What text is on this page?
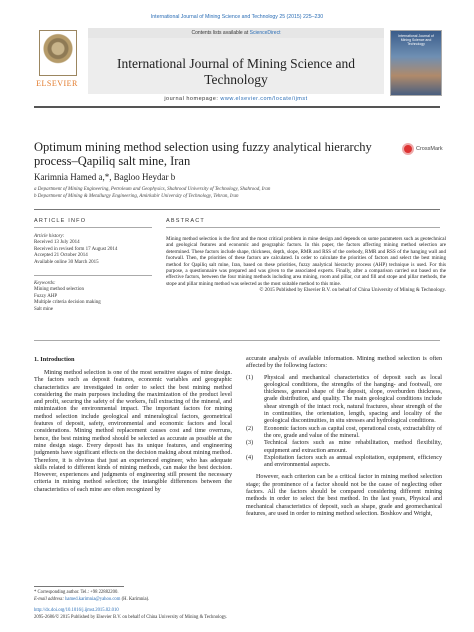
International Journal of Mining Science and Technology 25 (2015) 225–230
ELSEVIER
Contents lists available at ScienceDirect
International Journal of Mining Science and Technology
journal homepage: www.elsevier.com/locate/ijmst
International Journal of Mining Science and Technology
Optimum mining method selection using fuzzy analytical hierarchy process–Qapiliq salt mine, Iran
CrossMark
Karimnia Hamed a,*, Bagloo Heydar b
a Department of Mining Engineering, Petroleum and Geophysics, Shahrood University of Technology, Shahrood, Iran
b Department of Mining & Metallurgy Engineering, Amirkabir University of Technology, Tehran, Iran
ARTICLE INFO
Article history:
Received 13 July 2014
Received in revised form 17 August 2014
Accepted 21 October 2014
Available online 30 March 2015
Keywords:
Mining method selection
Fuzzy AHP
Multiple criteria decision making
Salt mine
ABSTRACT
Mining method selection is the first and the most critical problem in mine design and depends on some parameters such as geotechnical and geological features and economic and geographic factors. In this paper, the factors affecting mining method selection are determined. These factors include shape, thickness, depth, slope, RMR and RSS of the orebody, RMR and RSS of the hanging wall and footwall. Then, the priorities of these factors are calculated. In order to calculate the priorities of factors and select the best mining method for Qapiliq salt mine, Iran, based on these priorities, fuzzy analytical hierarchy process (AHP) technique is used. For this purpose, a questionnaire was prepared and was given to the associated experts. Finally, after a comparison carried out based on the effective factors, between the four mining methods including area mining, room and pillar, cut and fill and stope and pillar methods, the stope and pillar mining method was selected as the most suitable method to this mine.
© 2015 Published by Elsevier B.V. on behalf of China University of Mining & Technology.
1. Introduction
Mining method selection is one of the most sensitive stages of mine design. The factors such as deposit features, economic variables and geographic characteristics are investigated in order to select the best mining method considering the main purposes including the maximization of the product level and profit, securing the safety of the workers, full extracting of the mineral, and minimization the environmental impact. The important factors for mining method selection include geological and mineralogical factors, geometrical features of deposit, safety, environmental and economic factors and local considerations. Mining method replacement causes cost and time overruns, hence, the best mining method should be selected as accurate as possible at the mine design stage. Every deposit has its unique features, and engineering judgments have significant effects on the decision making about mining method. Therefore, it is obvious that just an experienced engineer, who has adequate skills related to different kinds of mining methods, can make the best decision. However, experiences and judgments of engineering still present the necessary criteria in mining method selection; the intangible differences between the characteristics of each mine are often recognized by
accurate analysis of available information. Mining method selection is often affected by the following factors:
(1) Physical and mechanical characteristics of deposit such as local geological conditions, the strengths of the hanging- and footwall, ore thickness, general shape of the deposit, slope, overburden thickness, grade distribution, and quality. The main geological conditions include shear strength of the intact rock, natural fractures, shear strength of the in continuities, the orientation, length, spacing and locality of the geological discontinuities, in situ stresses and hydrological conditions.
(2) Economic factors such as capital cost, operational costs, extractability of the ore, grade and value of the mineral.
(3) Technical factors such as mine rehabilitation, method flexibility, equipment and extraction amount.
(4) Exploitation factors such as annual exploitation, equipment, efficiency and environmental aspects.
However, each criterion can be a critical factor in mining method selection stage; the prominence of a factor should not be the cause of neglecting other factors. All the factors should be compared considering different mining methods in order to select the best method. In the last years, Physical and mechanical characteristics of deposit, such as shape, grade and geomechanical features, are used in order to mining method selection. Boshkov and Wright,
* Corresponding author. Tel.: +98 22882200.
E-mail address: hamed.karimnia@yahoo.com (H. Karimnia).
http://dx.doi.org/10.1016/j.ijmst.2015.02.010
2095-2686/© 2015 Published by Elsevier B.V. on behalf of China University of Mining & Technology.
